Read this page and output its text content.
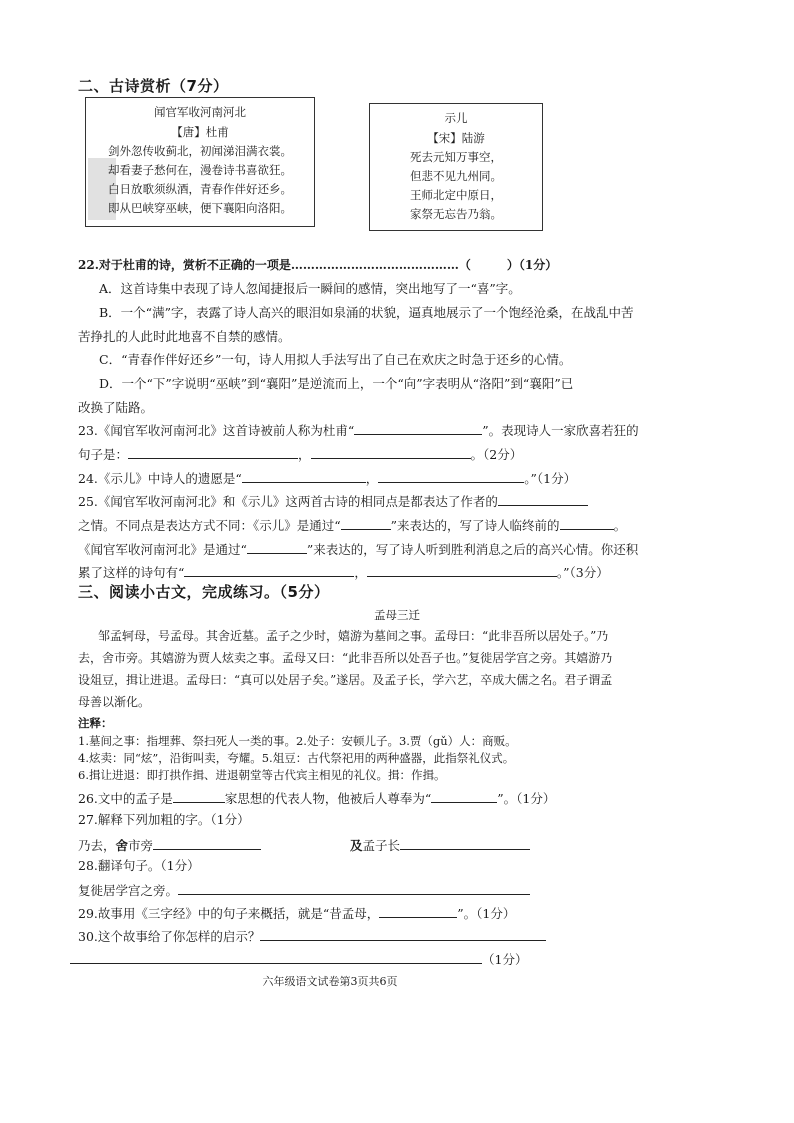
二、古诗赏析（7分）
闻官军收河南河北
【唐】杜甫
剑外忽传收蓟北，初闻涕泪满衣裳。
却看妻子愁何在，漫卷诗书喜欲狂。
白日放歌须纵酒，青春作伴好还乡。
即从巴峡穿巫峡，便下襄阳向洛阳。
示儿
【宋】陆游
死去元知万事空，
但悲不见九州同。
王师北定中原日，
家祭无忘告乃翁。
22.对于杜甫的诗，赏析不正确的一项是……………………………………（　　　）（1分）
A．这首诗集中表现了诗人忽闻捷报后一瞬间的感情，突出地写了一“喜”字。
B．一个“满”字，表露了诗人高兴的眼泪如泉涌的状貌，逼真地展示了一个饱经沧桑，在战乱中苦
苦挣扎的人此时此地喜不自禁的感情。
C．“青春作伴好还乡”一句，诗人用拟人手法写出了自己在欢庆之时急于还乡的心情。
D．一个“下”字说明“巫峡”到“襄阳”是逆流而上，一个“向”字表明从“洛阳”到“襄阳”已
改换了陆路。
23.《闻官军收河南河北》这首诗被前人称为杜甫“	”。表现诗人一家欣喜若狂的
句子是：	，	。（2分）
24.《示儿》中诗人的遗愿是“	，	。”（1分）
25.《闻官军收河南河北》和《示儿》这两首古诗的相同点是都表达了作者的
之情。不同点是表达方式不同：《示儿》是通过“	”来表达的，写了诗人临终前的	。
《闻官军收河南河北》是通过“	”来表达的，写了诗人听到胜利消息之后的高兴心情。你还积
累了这样的诗句有“	，	。”（3分）
三、阅读小古文，完成练习。（5分）
孟母三迁
邹孟轲母，号孟母。其舍近墓。孟子之少时，嬉游为墓间之事。孟母曰：“此非吾所以居处子。”乃
去，舍市旁。其嬉游为贾人炫卖之事。孟母又曰：“此非吾所以处吾子也。”复徙居学宫之旁。其嬉游乃
设俎豆，揖让进退。孟母曰：“真可以处居子矣。”遂居。及孟子长，学六艺，卒成大儒之名。君子谓孟
母善以渐化。
注释：
1.墓间之事：指埋葬、祭扫死人一类的事。2.处子：安顿儿子。3.贾（gǔ）人：商贩。
4.炫卖：同“炫”，沿街叫卖，夸耀。5.俎豆：古代祭祀用的两种盛器，此指祭礼仪式。
6.揖让进退：即打拱作揖、进退朝堂等古代宾主相见的礼仪。揖：作揖。
26.文中的孟子是	家思想的代表人物，他被后人尊奉为“	”。（1分）
27.解释下列加粗的字。（1分）
乃去，舍市旁	及孟子长
28.翻译句子。（1分）
复徙居学宫之旁。
29.故事用《三字经》中的句子来概括，就是“昔孟母，	”。（1分）
30.这个故事给了你怎样的启示？
（1分）
六年级语文试卷第3页共6页
